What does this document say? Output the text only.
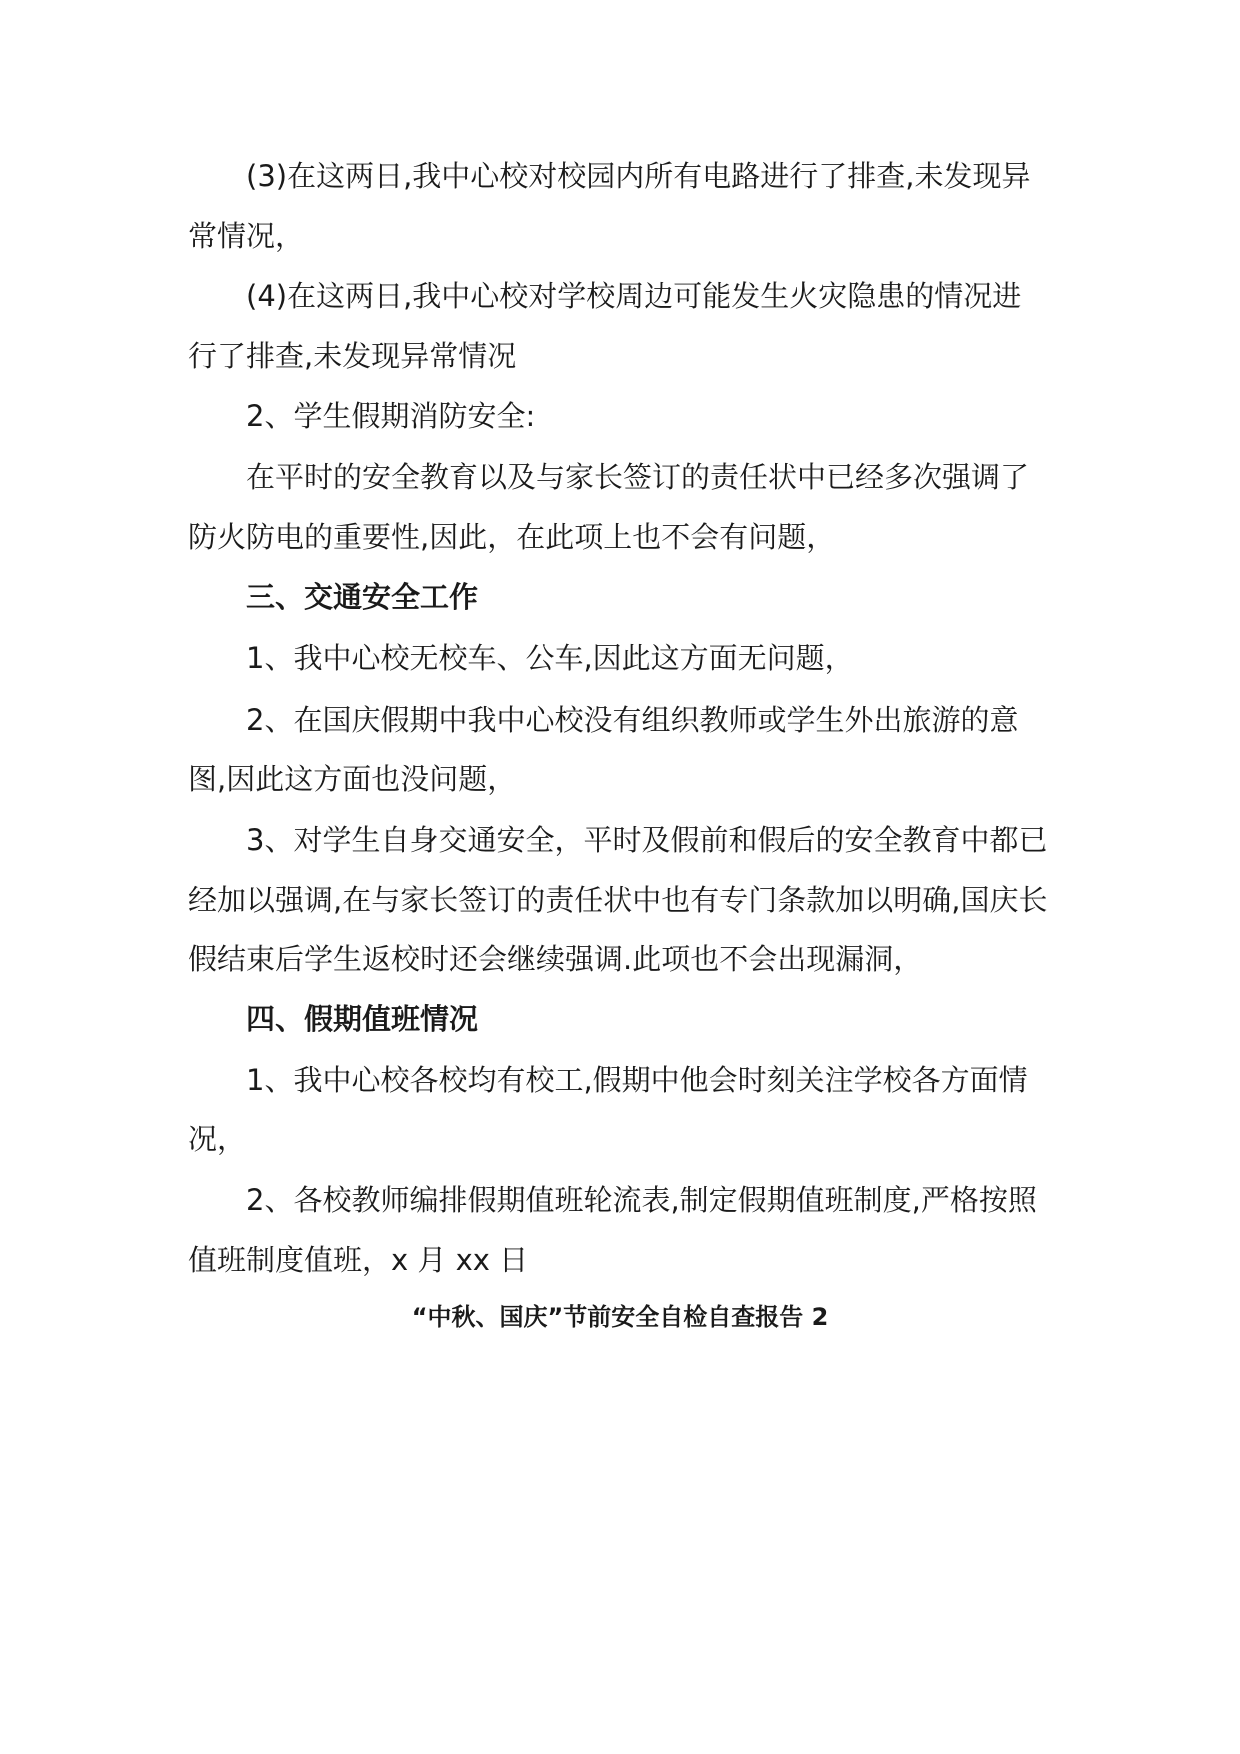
(3)在这两日,我中心校对校园内所有电路进行了排查,未发现异
常情况，
(4)在这两日,我中心校对学校周边可能发生火灾隐患的情况进
行了排查,未发现异常情况
2、学生假期消防安全:
在平时的安全教育以及与家长签订的责任状中已经多次强调了
防火防电的重要性,因此，在此项上也不会有问题，
三、交通安全工作
1、我中心校无校车、公车,因此这方面无问题，
2、在国庆假期中我中心校没有组织教师或学生外出旅游的意
图,因此这方面也没问题，
3、对学生自身交通安全，平时及假前和假后的安全教育中都已
经加以强调,在与家长签订的责任状中也有专门条款加以明确,国庆长
假结束后学生返校时还会继续强调.此项也不会出现漏洞，
四、假期值班情况
1、我中心校各校均有校工,假期中他会时刻关注学校各方面情
况，
2、各校教师编排假期值班轮流表,制定假期值班制度,严格按照
值班制度值班，x 月 xx 日
“中秋、国庆”节前安全自检自查报告 2
